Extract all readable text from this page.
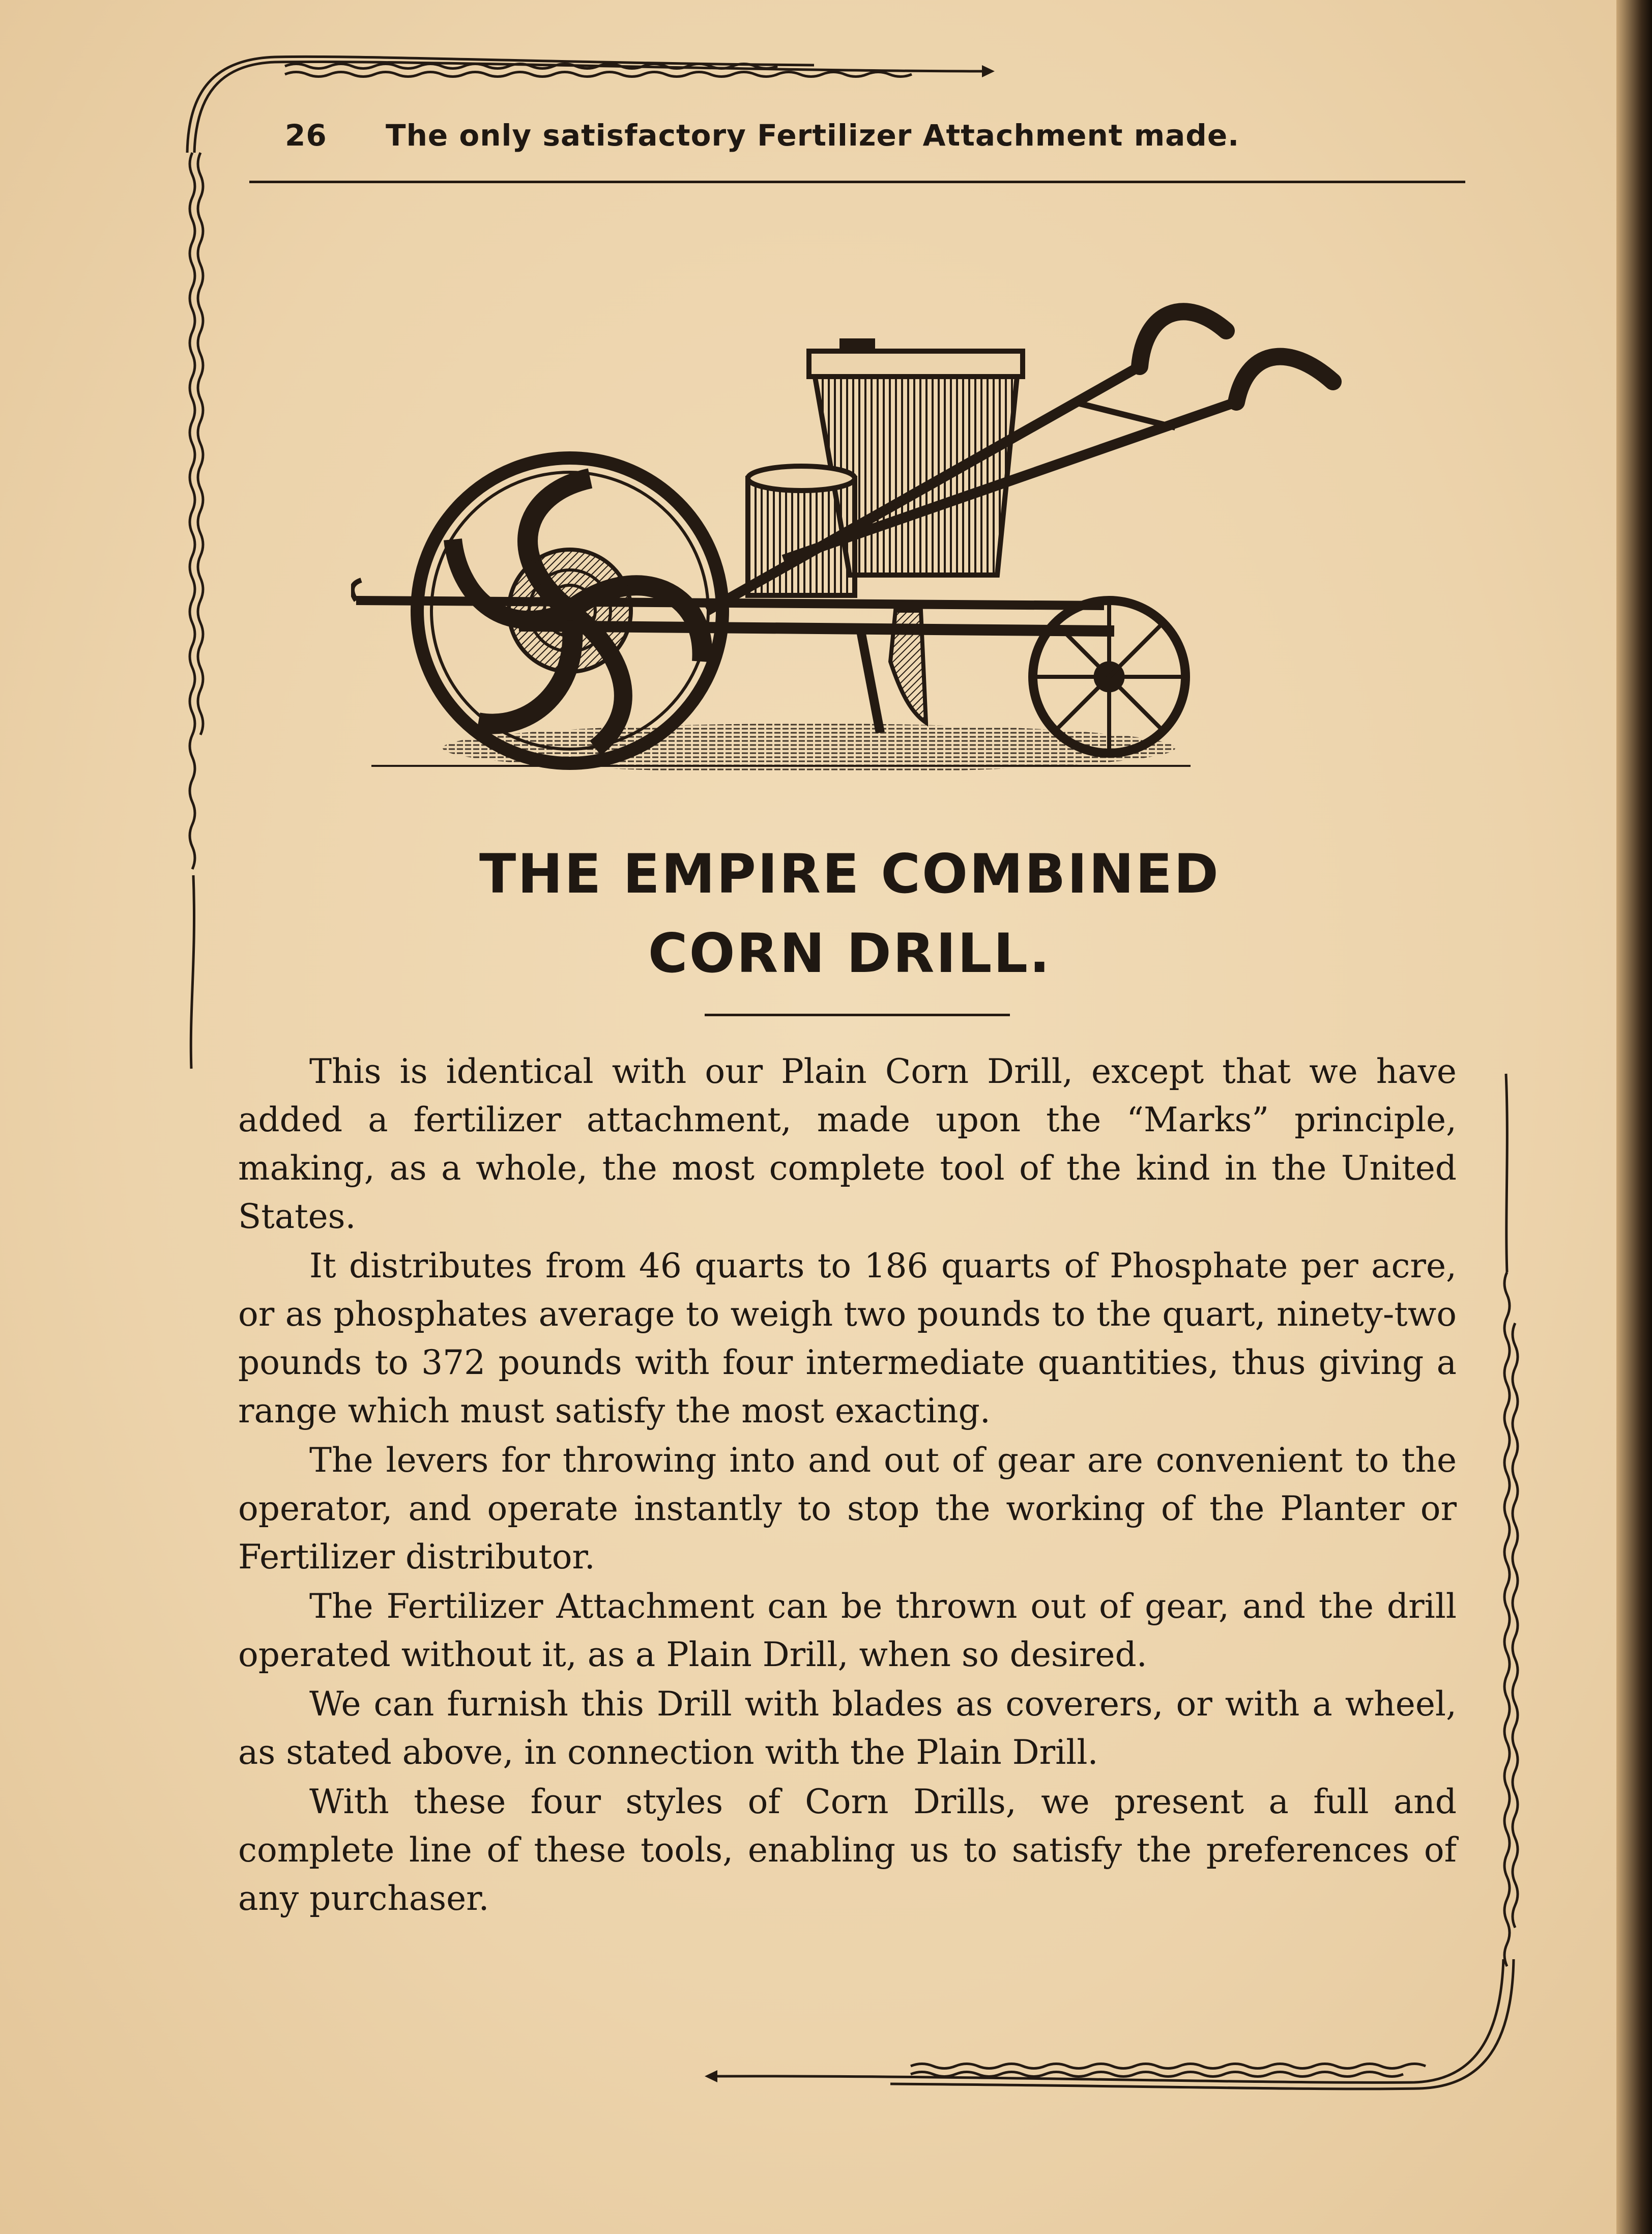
26 The only satisfactory Fertilizer Attachment made.
THE EMPIRE COMBINED
CORN DRILL.

This is identical with our Plain Corn Drill, except that we have added a fertilizer attachment, made upon the “Marks” principle, making, as a whole, the most complete tool of the kind in the United States.

It distributes from 46 quarts to 186 quarts of Phosphate per acre, or as phosphates average to weigh two pounds to the quart, ninety-two pounds to 372 pounds with four intermediate quantities, thus giving a range which must satisfy the most exacting.

The levers for throwing into and out of gear are convenient to the operator, and operate instantly to stop the working of the Planter or Fertilizer distributor.

The Fertilizer Attachment can be thrown out of gear, and the drill operated without it, as a Plain Drill, when so desired.

We can furnish this Drill with blades as coverers, or with a wheel, as stated above, in connection with the Plain Drill.

With these four styles of Corn Drills, we present a full and complete line of these tools, enabling us to satisfy the preferences of any purchaser.
